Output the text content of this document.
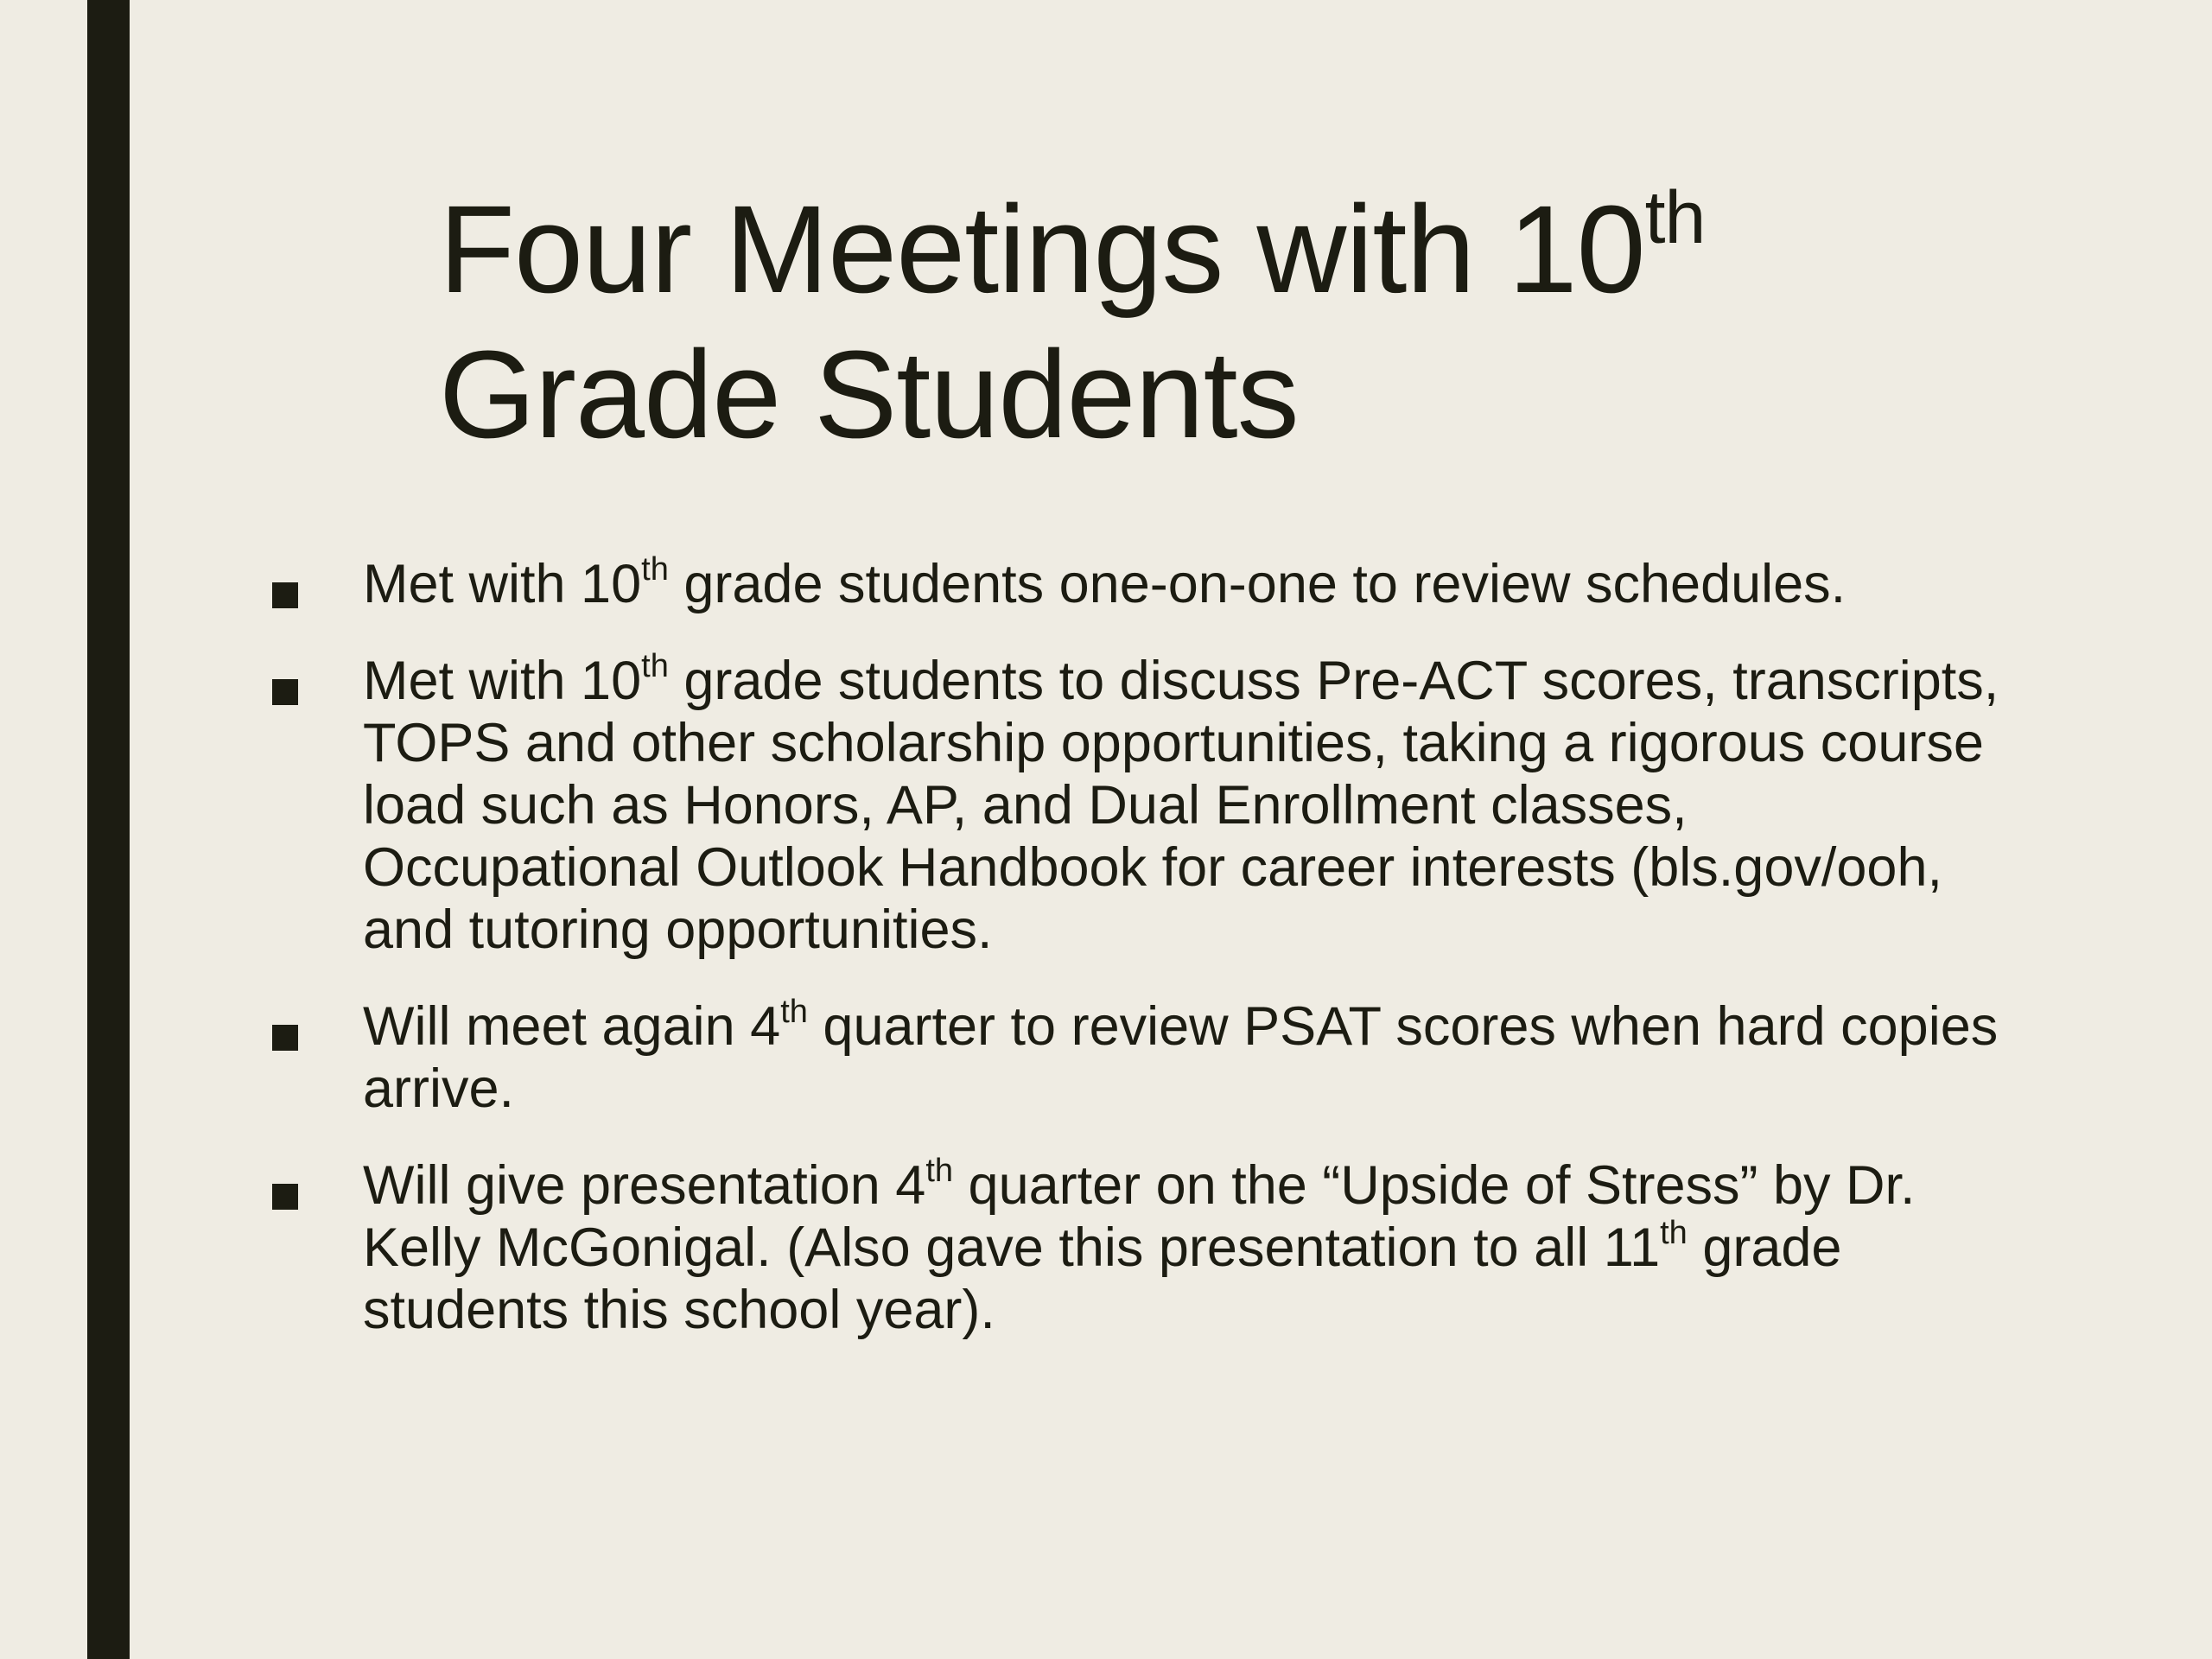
Four Meetings with 10th
Grade Students
Met with 10th grade students one-on-one to review schedules.
Met with 10th grade students to discuss Pre-ACT scores, transcripts, TOPS and other scholarship opportunities, taking a rigorous course load such as Honors, AP, and Dual Enrollment classes, Occupational Outlook Handbook for career interests (bls.gov/ooh, and tutoring opportunities.
Will meet again 4th quarter to review PSAT scores when hard copies arrive.
Will give presentation 4th quarter on the “Upside of Stress” by Dr. Kelly McGonigal. (Also gave this presentation to all 11th grade students this school year).
